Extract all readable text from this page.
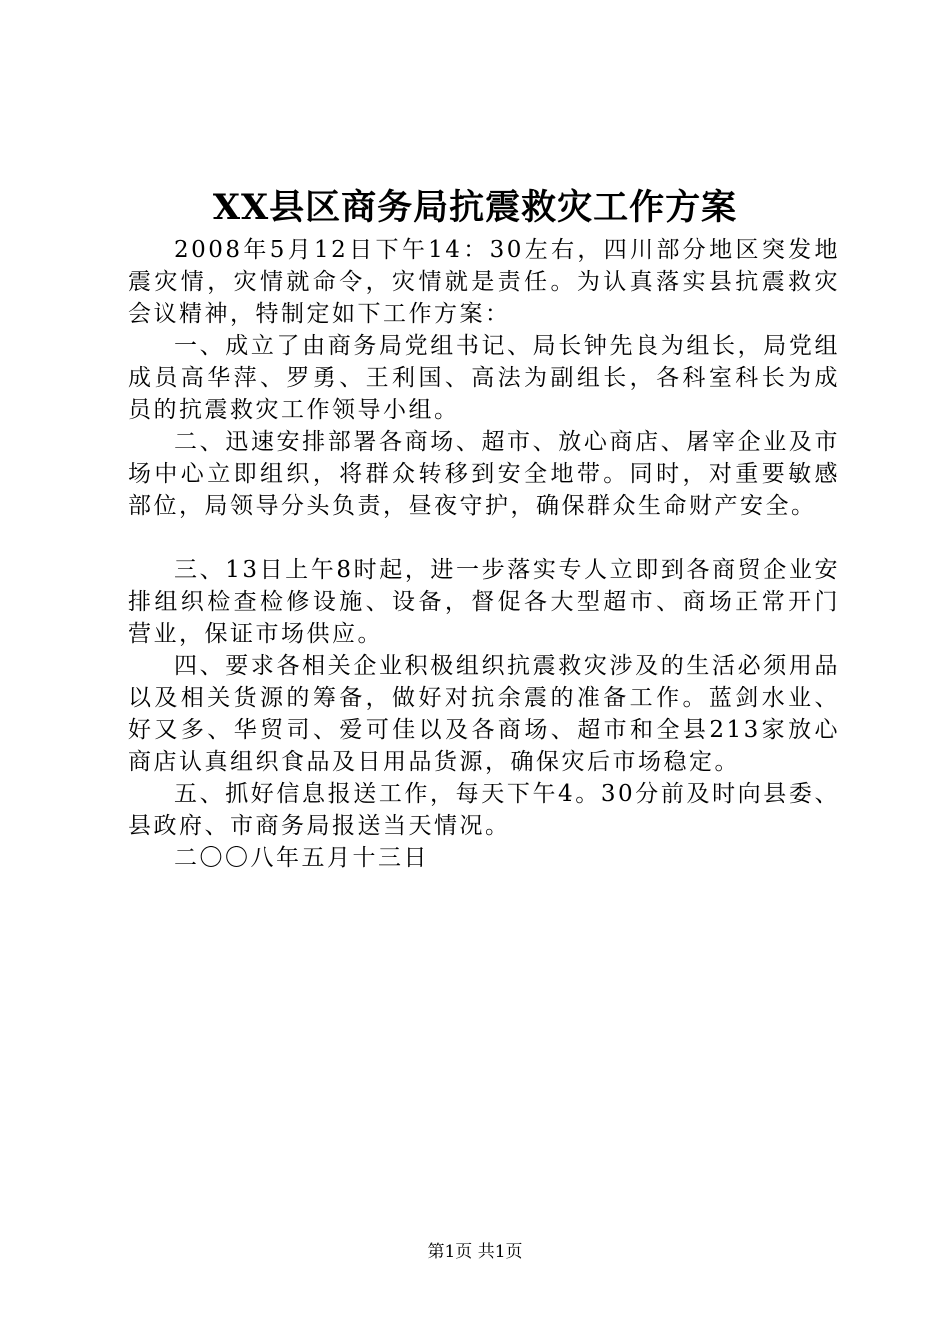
XX县区商务局抗震救灾工作方案

2008年5月12日下午14：30左右，四川部分地区突发地震灾情，灾情就命令，灾情就是责任。为认真落实县抗震救灾会议精神，特制定如下工作方案：

一、成立了由商务局党组书记、局长钟先良为组长，局党组成员高华萍、罗勇、王利国、高法为副组长，各科室科长为成员的抗震救灾工作领导小组。

二、迅速安排部署各商场、超市、放心商店、屠宰企业及市场中心立即组织，将群众转移到安全地带。同时，对重要敏感部位，局领导分头负责，昼夜守护，确保群众生命财产安全。

三、13日上午8时起，进一步落实专人立即到各商贸企业安排组织检查检修设施、设备，督促各大型超市、商场正常开门营业，保证市场供应。

四、要求各相关企业积极组织抗震救灾涉及的生活必须用品以及相关货源的筹备，做好对抗余震的准备工作。蓝剑水业、好又多、华贸司、爱可佳以及各商场、超市和全县213家放心商店认真组织食品及日用品货源，确保灾后市场稳定。

五、抓好信息报送工作，每天下午4。30分前及时向县委、县政府、市商务局报送当天情况。

二〇〇八年五月十三日

第1页 共1页
